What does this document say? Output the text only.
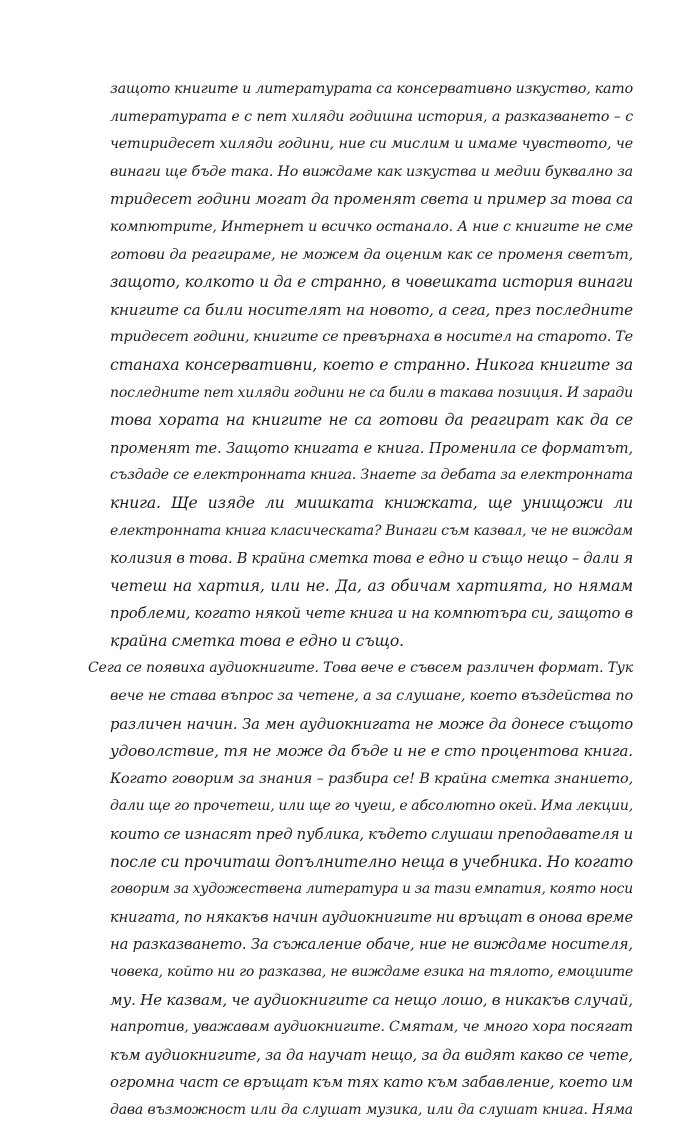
защото книгите и литературата са консервативно изкуство, като
литературата е с пет хиляди годишна история, а разказването – с
четиридесет хиляди години, ние си мислим и имаме чувството, че
винаги ще бъде така. Но виждаме как изкуства и медии буквално за
тридесет години могат да променят света и пример за това са
компютрите, Интернет и всичко останало. А ние с книгите не сме
готови да реагираме, не можем да оценим как се променя светът,
защото, колкото и да е странно, в човешката история винаги
книгите са били носителят на новото, а сега, през последните
тридесет години, книгите се превърнаха в носител на старото. Те
станаха консервативни, което е странно. Никога книгите за
последните пет хиляди години не са били в такава позиция. И заради
това хората на книгите не са готови да реагират как да се
променят те. Защото книгата е книга. Променила се форматът,
създаде се електронната книга. Знаете за дебата за електронната
книга. Ще изяде ли мишката книжката, ще унищожи ли
електронната книга класическата? Винаги съм казвал, че не виждам
колизия в това. В крайна сметка това е едно и също нещо – дали я
четеш на хартия, или не. Да, аз обичам хартията, но нямам
проблеми, когато някой чете книга и на компютъра си, защото в
крайна сметка това е едно и също.
Сега се появиха аудиокнигите. Това вече е съвсем различен формат. Тук
вече не става въпрос за четене, а за слушане, което въздейства по
различен начин. За мен аудиокнигата не може да донесе същото
удоволствие, тя не може да бъде и не е сто процентова книга.
Когато говорим за знания – разбира се! В крайна сметка знанието,
дали ще го прочетеш, или ще го чуеш, е абсолютно окей. Има лекции,
които се изнасят пред публика, където слушаш преподавателя и
после си прочиташ допълнително неща в учебника. Но когато
говорим за художествена литература и за тази емпатия, която носи
книгата, по някакъв начин аудиокнигите ни връщат в онова време
на разказването. За съжаление обаче, ние не виждаме носителя,
човека, който ни го разказва, не виждаме езика на тялото, емоциите
му. Не казвам, че аудиокнигите са нещо лошо, в никакъв случай,
напротив, уважавам аудиокнигите. Смятам, че много хора посягат
към аудиокнигите, за да научат нещо, за да видят какво се чете,
огромна част се връщат към тях като към забавление, което им
дава възможност или да слушат музика, или да слушат книга. Няма
